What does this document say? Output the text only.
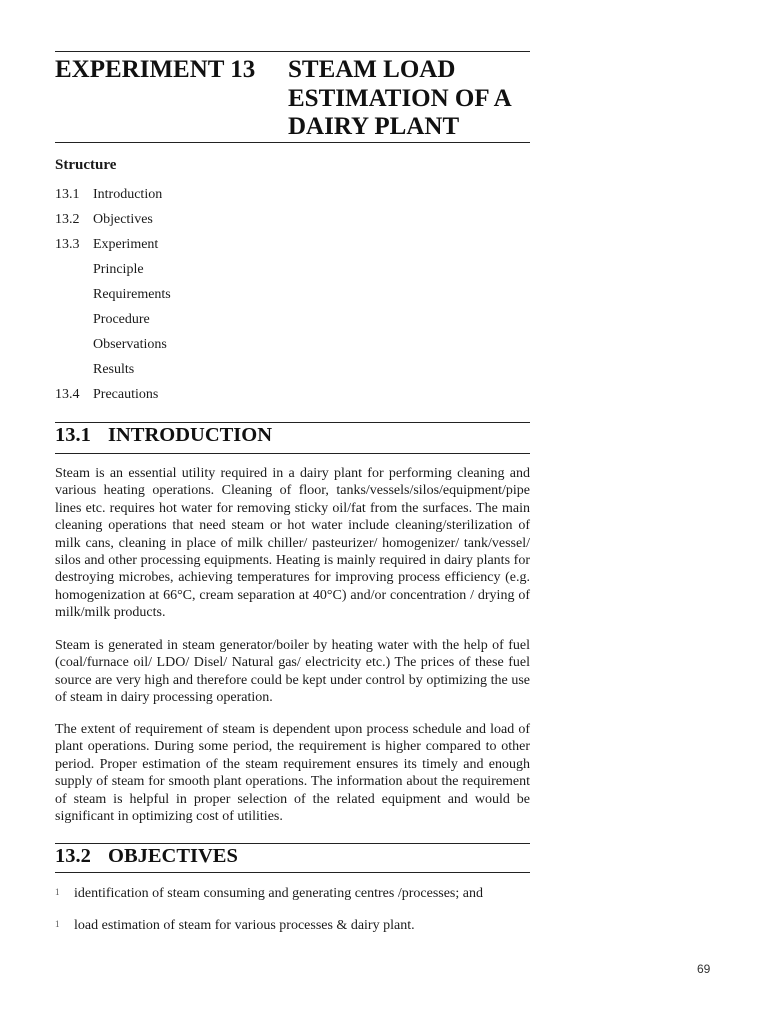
EXPERIMENT 13 STEAM LOAD
ESTIMATION OF A
DAIRY PLANT
Structure
13.1 Introduction
13.2 Objectives
13.3 Experiment
Principle
Requirements
Procedure
Observations
Results
13.4 Precautions
13.1 INTRODUCTION

Steam is an essential utility required in a dairy plant for performing cleaning and various heating operations. Cleaning of floor, tanks/vessels/silos/equipment/pipe lines etc. requires hot water for removing sticky oil/fat from the surfaces. The main cleaning operations that need steam or hot water include cleaning/sterilization of milk cans, cleaning in place of milk chiller/ pasteurizer/ homogenizer/ tank/vessel/ silos and other processing equipments. Heating is mainly required in dairy plants for destroying microbes, achieving temperatures for improving process efficiency (e.g. homogenization at 66°C, cream separation at 40°C) and/or concentration / drying of milk/milk products.

Steam is generated in steam generator/boiler by heating water with the help of fuel (coal/furnace oil/ LDO/ Disel/ Natural gas/ electricity etc.) The prices of these fuel source are very high and therefore could be kept under control by optimizing the use of steam in dairy processing operation.

The extent of requirement of steam is dependent upon process schedule and load of plant operations. During some period, the requirement is higher compared to other period. Proper estimation of the steam requirement ensures its timely and enough supply of steam for smooth plant operations. The information about the requirement of steam is helpful in proper selection of the related equipment and would be significant in optimizing cost of utilities.

13.2 OBJECTIVES
1 identification of steam consuming and generating centres /processes; and
1 load estimation of steam for various processes & dairy plant.
69
